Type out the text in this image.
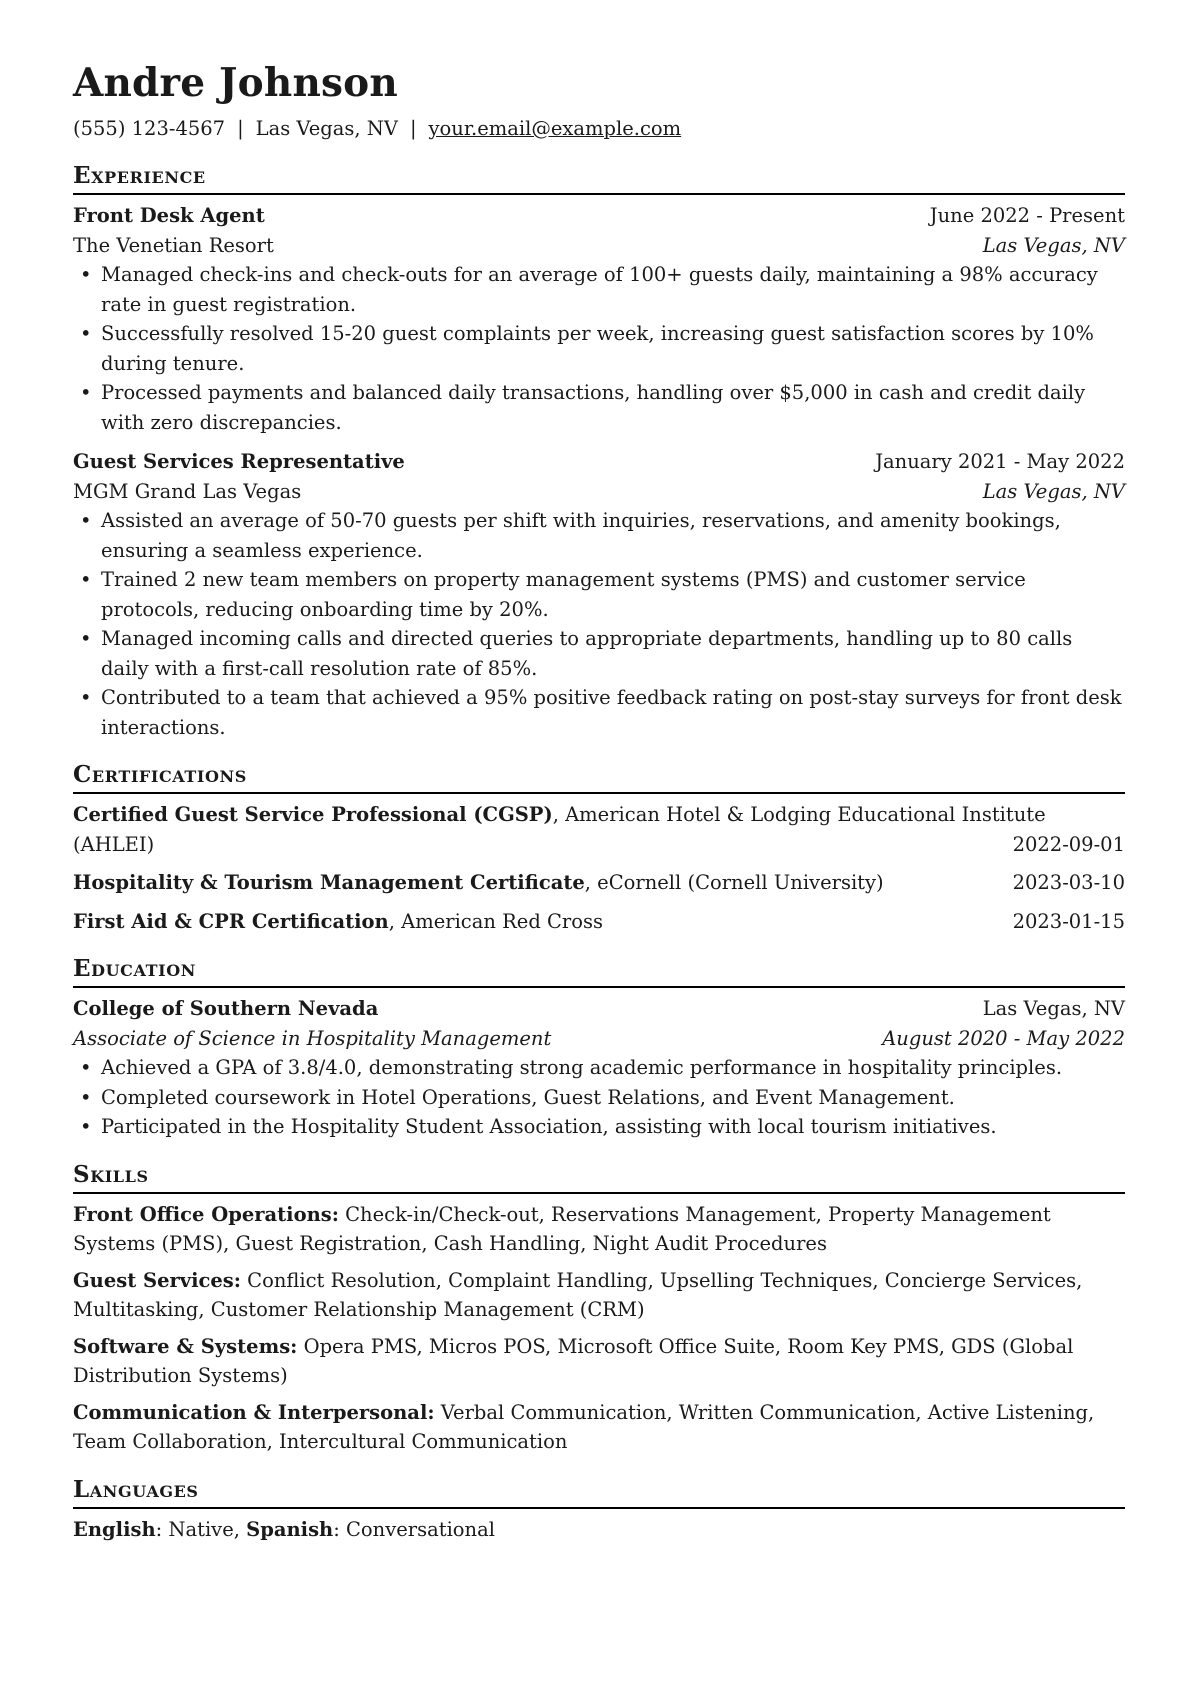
Andre Johnson
(555) 123-4567 | Las Vegas, NV | your.email@example.com
Experience
Front Desk Agent	June 2022 - Present
The Venetian Resort	Las Vegas, NV
• Managed check-ins and check-outs for an average of 100+ guests daily, maintaining a 98% accuracy rate in guest registration.
• Successfully resolved 15-20 guest complaints per week, increasing guest satisfaction scores by 10% during tenure.
• Processed payments and balanced daily transactions, handling over $5,000 in cash and credit daily with zero discrepancies.
Guest Services Representative	January 2021 - May 2022
MGM Grand Las Vegas	Las Vegas, NV
• Assisted an average of 50-70 guests per shift with inquiries, reservations, and amenity bookings, ensuring a seamless experience.
• Trained 2 new team members on property management systems (PMS) and customer service protocols, reducing onboarding time by 20%.
• Managed incoming calls and directed queries to appropriate departments, handling up to 80 calls daily with a first-call resolution rate of 85%.
• Contributed to a team that achieved a 95% positive feedback rating on post-stay surveys for front desk interactions.
Certifications
Certified Guest Service Professional (CGSP), American Hotel & Lodging Educational Institute
(AHLEI)	2022-09-01
Hospitality & Tourism Management Certificate, eCornell (Cornell University)	2023-03-10
First Aid & CPR Certification, American Red Cross	2023-01-15
Education
College of Southern Nevada	Las Vegas, NV
Associate of Science in Hospitality Management	August 2020 - May 2022
• Achieved a GPA of 3.8/4.0, demonstrating strong academic performance in hospitality principles.
• Completed coursework in Hotel Operations, Guest Relations, and Event Management.
• Participated in the Hospitality Student Association, assisting with local tourism initiatives.
Skills
Front Office Operations: Check-in/Check-out, Reservations Management, Property Management Systems (PMS), Guest Registration, Cash Handling, Night Audit Procedures
Guest Services: Conflict Resolution, Complaint Handling, Upselling Techniques, Concierge Services, Multitasking, Customer Relationship Management (CRM)
Software & Systems: Opera PMS, Micros POS, Microsoft Office Suite, Room Key PMS, GDS (Global Distribution Systems)
Communication & Interpersonal: Verbal Communication, Written Communication, Active Listening, Team Collaboration, Intercultural Communication
Languages
English: Native, Spanish: Conversational
